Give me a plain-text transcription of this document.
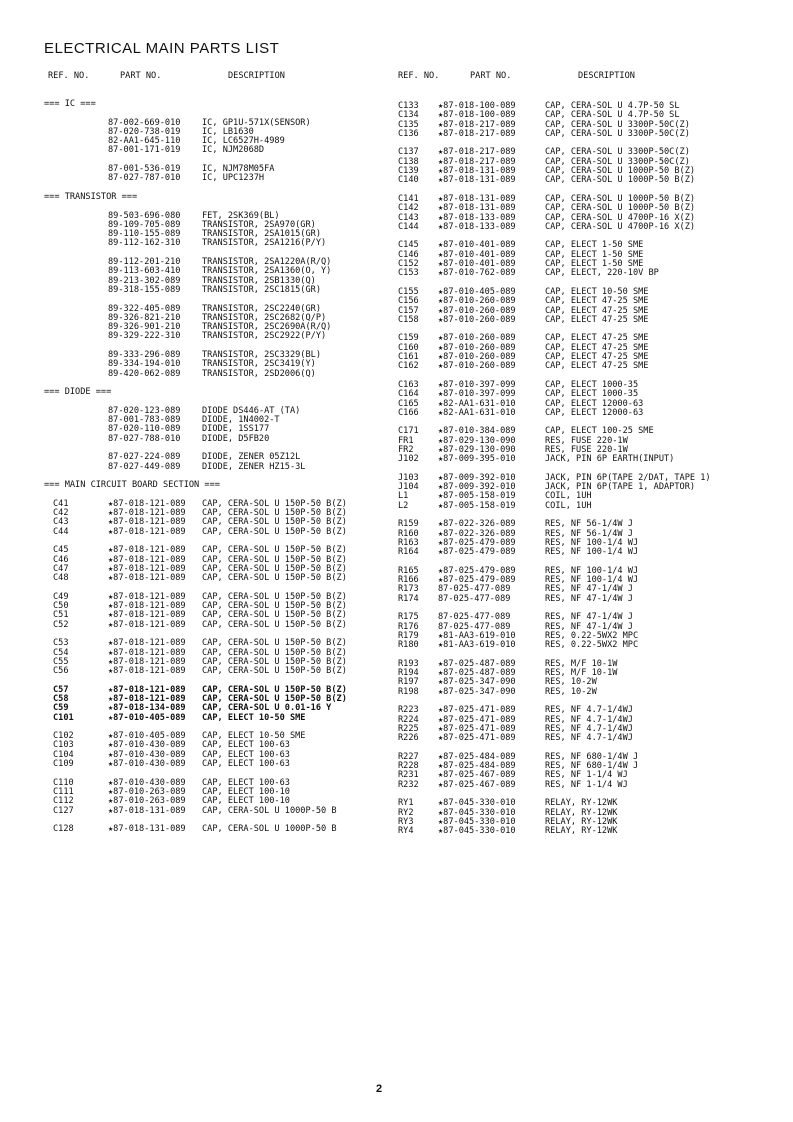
ELECTRICAL MAIN PARTS LIST
REF. NO.	PART NO.	DESCRIPTION	REF. NO.	PART NO.	DESCRIPTION
=== IC ===
87-002-669-010	IC, GP1U-571X(SENSOR)
87-020-738-019	IC, LB1630
82-AA1-645-110	IC, LC6527H-4989
87-001-171-019	IC, NJM2068D
87-001-536-019	IC, NJM78M05FA
87-027-787-010	IC, UPC1237H
=== TRANSISTOR ===
89-503-696-080	FET, 2SK369(BL)
89-109-705-089	TRANSISTOR, 2SA970(GR)
89-110-155-089	TRANSISTOR, 2SA1015(GR)
89-112-162-310	TRANSISTOR, 2SA1216(P/Y)
89-112-201-210	TRANSISTOR, 2SA1220A(R/Q)
89-113-603-410	TRANSISTOR, 2SA1360(O, Y)
89-213-302-089	TRANSISTOR, 2SB1330(Q)
89-318-155-089	TRANSISTOR, 2SC1815(GR)
89-322-405-089	TRANSISTOR, 2SC2240(GR)
89-326-821-210	TRANSISTOR, 2SC2682(Q/P)
89-326-901-210	TRANSISTOR, 2SC2690A(R/Q)
89-329-222-310	TRANSISTOR, 2SC2922(P/Y)
89-333-296-089	TRANSISTOR, 2SC3329(BL)
89-334-194-010	TRANSISTOR, 2SC3419(Y)
89-420-062-089	TRANSISTOR, 2SD2006(Q)
=== DIODE ===
87-020-123-089	DIODE DS446-AT (TA)
87-001-783-089	DIODE, 1N4002-T
87-020-110-089	DIODE, 1SS177
87-027-788-010	DIODE, D5FB20
87-027-224-089	DIODE, ZENER 05Z12L
87-027-449-089	DIODE, ZENER HZ15-3L
=== MAIN CIRCUIT BOARD SECTION ===
C41	★87-018-121-089 CAP, CERA-SOL U 150P-50 B(Z)
C42	★87-018-121-089 CAP, CERA-SOL U 150P-50 B(Z)
C43	★87-018-121-089 CAP, CERA-SOL U 150P-50 B(Z)
C44	★87-018-121-089 CAP, CERA-SOL U 150P-50 B(Z)
C45	★87-018-121-089 CAP, CERA-SOL U 150P-50 B(Z)
C46	★87-018-121-089 CAP, CERA-SOL U 150P-50 B(Z)
C47	★87-018-121-089 CAP, CERA-SOL U 150P-50 B(Z)
C48	★87-018-121-089 CAP, CERA-SOL U 150P-50 B(Z)
C49	★87-018-121-089 CAP, CERA-SOL U 150P-50 B(Z)
C50	★87-018-121-089 CAP, CERA-SOL U 150P-50 B(Z)
C51	★87-018-121-089 CAP, CERA-SOL U 150P-50 B(Z)
C52	★87-018-121-089 CAP, CERA-SOL U 150P-50 B(Z)
C53	★87-018-121-089 CAP, CERA-SOL U 150P-50 B(Z)
C54	★87-018-121-089 CAP, CERA-SOL U 150P-50 B(Z)
C55	★87-018-121-089 CAP, CERA-SOL U 150P-50 B(Z)
C56	★87-018-121-089 CAP, CERA-SOL U 150P-50 B(Z)
C57	★87-018-121-089 CAP, CERA-SOL U 150P-50 B(Z)
C58	★87-018-121-089 CAP, CERA-SOL U 150P-50 B(Z)
C59	★87-018-134-089 CAP, CERA-SOL U 0.01-16 Y
C101	★87-010-405-089 CAP, ELECT 10-50 SME
C102	★87-010-405-089 CAP, ELECT 10-50 SME
C103	★87-010-430-089 CAP, ELECT 100-63
C104	★87-010-430-089 CAP, ELECT 100-63
C109	★87-010-430-089 CAP, ELECT 100-63
C110	★87-010-430-089 CAP, ELECT 100-63
C111	★87-010-263-089 CAP, ELECT 100-10
C112	★87-010-263-089 CAP, ELECT 100-10
C127	★87-018-131-089 CAP, CERA-SOL U 1000P-50 B
C128	★87-018-131-089 CAP, CERA-SOL U 1000P-50 B
C133 ★87-018-100-089	CAP, CERA-SOL U 4.7P-50 SL
C134 ★87-018-100-089	CAP, CERA-SOL U 4.7P-50 SL
C135 ★87-018-217-089	CAP, CERA-SOL U 3300P-50C(Z)
C136 ★87-018-217-089	CAP, CERA-SOL U 3300P-50C(Z)
C137 ★87-018-217-089	CAP, CERA-SOL U 3300P-50C(Z)
C138 ★87-018-217-089	CAP, CERA-SOL U 3300P-50C(Z)
C139 ★87-018-131-089	CAP, CERA-SOL U 1000P-50 B(Z)
C140 ★87-018-131-089	CAP, CERA-SOL U 1000P-50 B(Z)
C141 ★87-018-131-089	CAP, CERA-SOL U 1000P-50 B(Z)
C142 ★87-018-131-089	CAP, CERA-SOL U 1000P-50 B(Z)
C143 ★87-018-133-089	CAP, CERA-SOL U 4700P-16 X(Z)
C144 ★87-018-133-089	CAP, CERA-SOL U 4700P-16 X(Z)
C145 ★87-010-401-089	CAP, ELECT 1-50 SME
C146 ★87-010-401-089	CAP, ELECT 1-50 SME
C152 ★87-010-401-089	CAP, ELECT 1-50 SME
C153 ★87-010-762-089	CAP, ELECT, 220-10V BP
C155 ★87-010-405-089	CAP, ELECT 10-50 SME
C156 ★87-010-260-089	CAP, ELECT 47-25 SME
C157 ★87-010-260-089	CAP, ELECT 47-25 SME
C158 ★87-010-260-089	CAP, ELECT 47-25 SME
C159 ★87-010-260-089	CAP, ELECT 47-25 SME
C160 ★87-010-260-089	CAP, ELECT 47-25 SME
C161 ★87-010-260-089	CAP, ELECT 47-25 SME
C162 ★87-010-260-089	CAP, ELECT 47-25 SME
C163 ★87-010-397-099	CAP, ELECT 1000-35
C164 ★87-010-397-099	CAP, ELECT 1000-35
C165 ★82-AA1-631-010	CAP, ELECT 12000-63
C166 ★82-AA1-631-010	CAP, ELECT 12000-63
C171 ★87-010-384-089	CAP, ELECT 100-25 SME
FR1	★87-029-130-090	RES, FUSE 220-1W
FR2	★87-029-130-090	RES, FUSE 220-1W
J102 ★87-009-395-010	JACK, PIN 6P EARTH(INPUT)
J103 ★87-009-392-010	JACK, PIN 6P(TAPE 2/DAT, TAPE 1)
J104 ★87-009-392-010	JACK, PIN 6P(TAPE 1, ADAPTOR)
L1	★87-005-158-019	COIL, 1UH
L2	★87-005-158-019	COIL, 1UH
R159 ★87-022-326-089	RES, NF 56-1/4W J
R160 ★87-022-326-089	RES, NF 56-1/4W J
R163 ★87-025-479-089	RES, NF 100-1/4 WJ
R164 ★87-025-479-089	RES, NF 100-1/4 WJ
R165 ★87-025-479-089	RES, NF 100-1/4 WJ
R166 ★87-025-479-089	RES, NF 100-1/4 WJ
R173 87-025-477-089	RES, NF 47-1/4W J
R174 87-025-477-089	RES, NF 47-1/4W J
R175 87-025-477-089	RES, NF 47-1/4W J
R176 87-025-477-089	RES, NF 47-1/4W J
R179 ★81-AA3-619-010	RES, 0.22-5WX2 MPC
R180 ★81-AA3-619-010	RES, 0.22-5WX2 MPC
R193 ★87-025-487-089	RES, M/F 10-1W
R194 ★87-025-487-089	RES, M/F 10-1W
R197 ★87-025-347-090	RES, 10-2W
R198 ★87-025-347-090	RES, 10-2W
R223 ★87-025-471-089	RES, NF 4.7-1/4WJ
R224 ★87-025-471-089	RES, NF 4.7-1/4WJ
R225 ★87-025-471-089	RES, NF 4.7-1/4WJ
R226 ★87-025-471-089	RES, NF 4.7-1/4WJ
R227 ★87-025-484-089	RES, NF 680-1/4W J
R228 ★87-025-484-089	RES, NF 680-1/4W J
R231 ★87-025-467-089	RES, NF 1-1/4 WJ
R232 ★87-025-467-089	RES, NF 1-1/4 WJ
RY1	★87-045-330-010	RELAY, RY-12WK
RY2	★87-045-330-010	RELAY, RY-12WK
RY3	★87-045-330-010	RELAY, RY-12WK
RY4	★87-045-330-010	RELAY, RY-12WK
2
